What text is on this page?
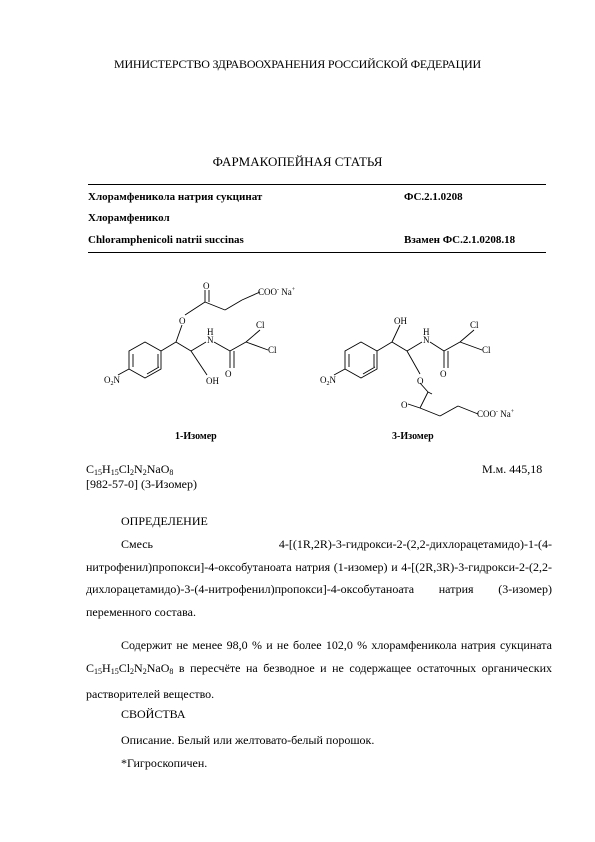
МИНИСТЕРСТВО ЗДРАВООХРАНЕНИЯ РОССИЙСКОЙ ФЕДЕРАЦИИ
ФАРМАКОПЕЙНАЯ СТАТЬЯ
Хлорамфеникола натрия сукцинат	ФС.2.1.0208
Хлорамфеникол
Chloramphenicoli natrii succinas	Взамен ФС.2.1.0208.18
$O_2N$
O
O
N
H
O
OH
Cl
Cl
COO- Na+
1-Изомер
$O_2N$
OH
N
H
O
Cl
Cl
O
O
COO- Na+
3-Изомер
$C_{15}H_{15}Cl_2N_2NaO_8$	М.м. 445,18
[982-57-0] (3-Изомер)
ОПРЕДЕЛЕНИЕ
Смесь 4-[(1R,2R)-3-гидрокси-2-(2,2-дихлорацетамидо)-1-(4-нитрофенил)пропокси]-4-оксобутаноата натрия (1-изомер) и 4-[(2R,3R)-3-гидрокси-2-(2,2-дихлорацетамидо)-3-(4-нитрофенил)пропокси]-4-оксобутаноата натрия (3-изомер) переменного состава.
Содержит не менее 98,0 % и не более 102,0 % хлорамфеникола натрия сукцината $C_{15}H_{15}Cl_2N_2NaO_8$ в пересчёте на безводное и не содержащее остаточных органических растворителей вещество.
СВОЙСТВА
Описание. Белый или желтовато-белый порошок.
*Гигроскопичен.
